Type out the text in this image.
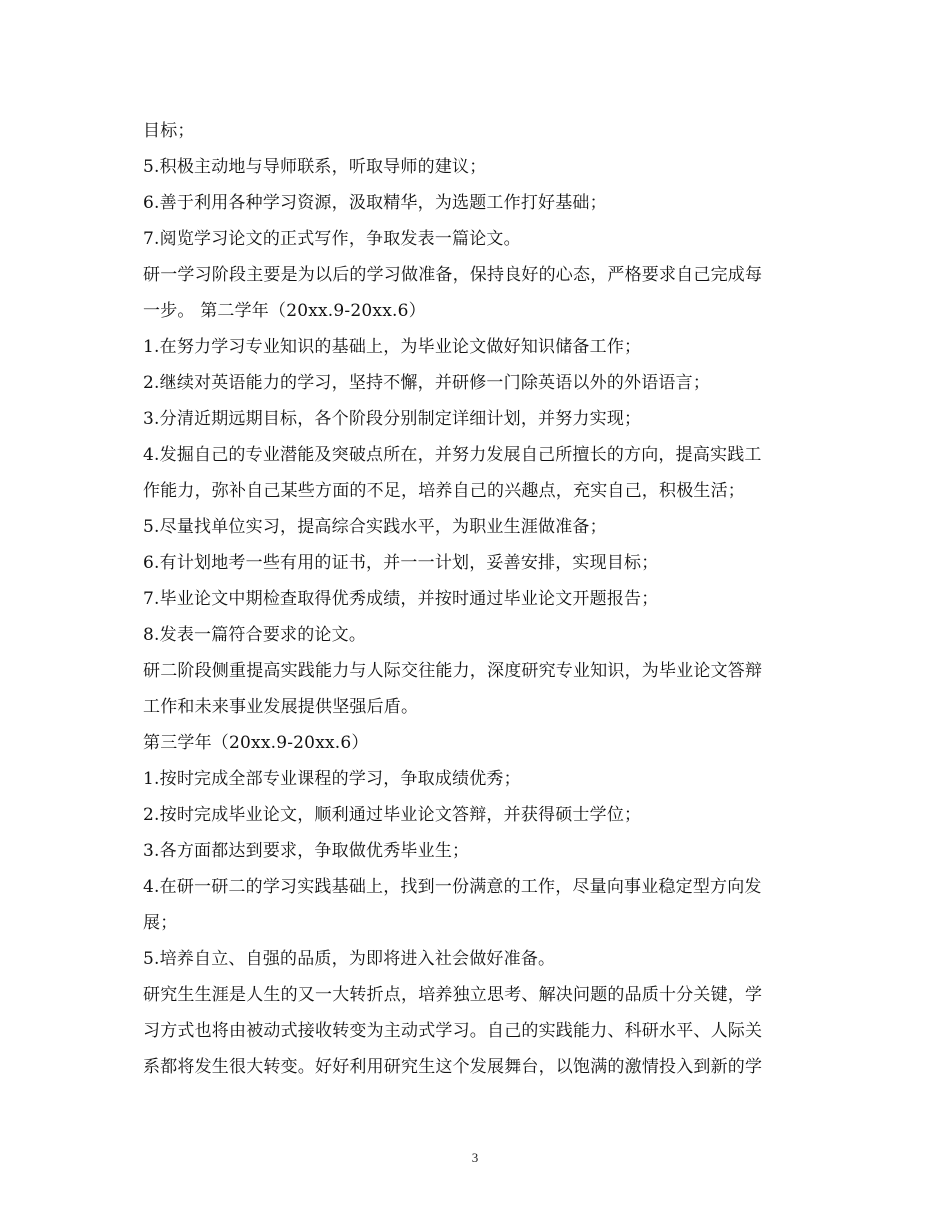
目标；
5.积极主动地与导师联系，听取导师的建议；
6.善于利用各种学习资源，汲取精华，为选题工作打好基础；
7.阅览学习论文的正式写作，争取发表一篇论文。
研一学习阶段主要是为以后的学习做准备，保持良好的心态，严格要求自己完成每
一步。 第二学年（20xx.9-20xx.6）
1.在努力学习专业知识的基础上，为毕业论文做好知识储备工作；
2.继续对英语能力的学习，坚持不懈，并研修一门除英语以外的外语语言；
3.分清近期远期目标，各个阶段分别制定详细计划，并努力实现；
4.发掘自己的专业潜能及突破点所在，并努力发展自己所擅长的方向，提高实践工
作能力，弥补自己某些方面的不足，培养自己的兴趣点，充实自己，积极生活；
5.尽量找单位实习，提高综合实践水平，为职业生涯做准备；
6.有计划地考一些有用的证书，并一一计划，妥善安排，实现目标；
7.毕业论文中期检查取得优秀成绩，并按时通过毕业论文开题报告；
8.发表一篇符合要求的论文。
研二阶段侧重提高实践能力与人际交往能力，深度研究专业知识，为毕业论文答辩
工作和未来事业发展提供坚强后盾。
第三学年（20xx.9-20xx.6）
1.按时完成全部专业课程的学习，争取成绩优秀；
2.按时完成毕业论文，顺利通过毕业论文答辩，并获得硕士学位；
3.各方面都达到要求，争取做优秀毕业生；
4.在研一研二的学习实践基础上，找到一份满意的工作，尽量向事业稳定型方向发
展；
5.培养自立、自强的品质，为即将进入社会做好准备。
研究生生涯是人生的又一大转折点，培养独立思考、解决问题的品质十分关键，学
习方式也将由被动式接收转变为主动式学习。自己的实践能力、科研水平、人际关
系都将发生很大转变。好好利用研究生这个发展舞台，以饱满的激情投入到新的学
3
